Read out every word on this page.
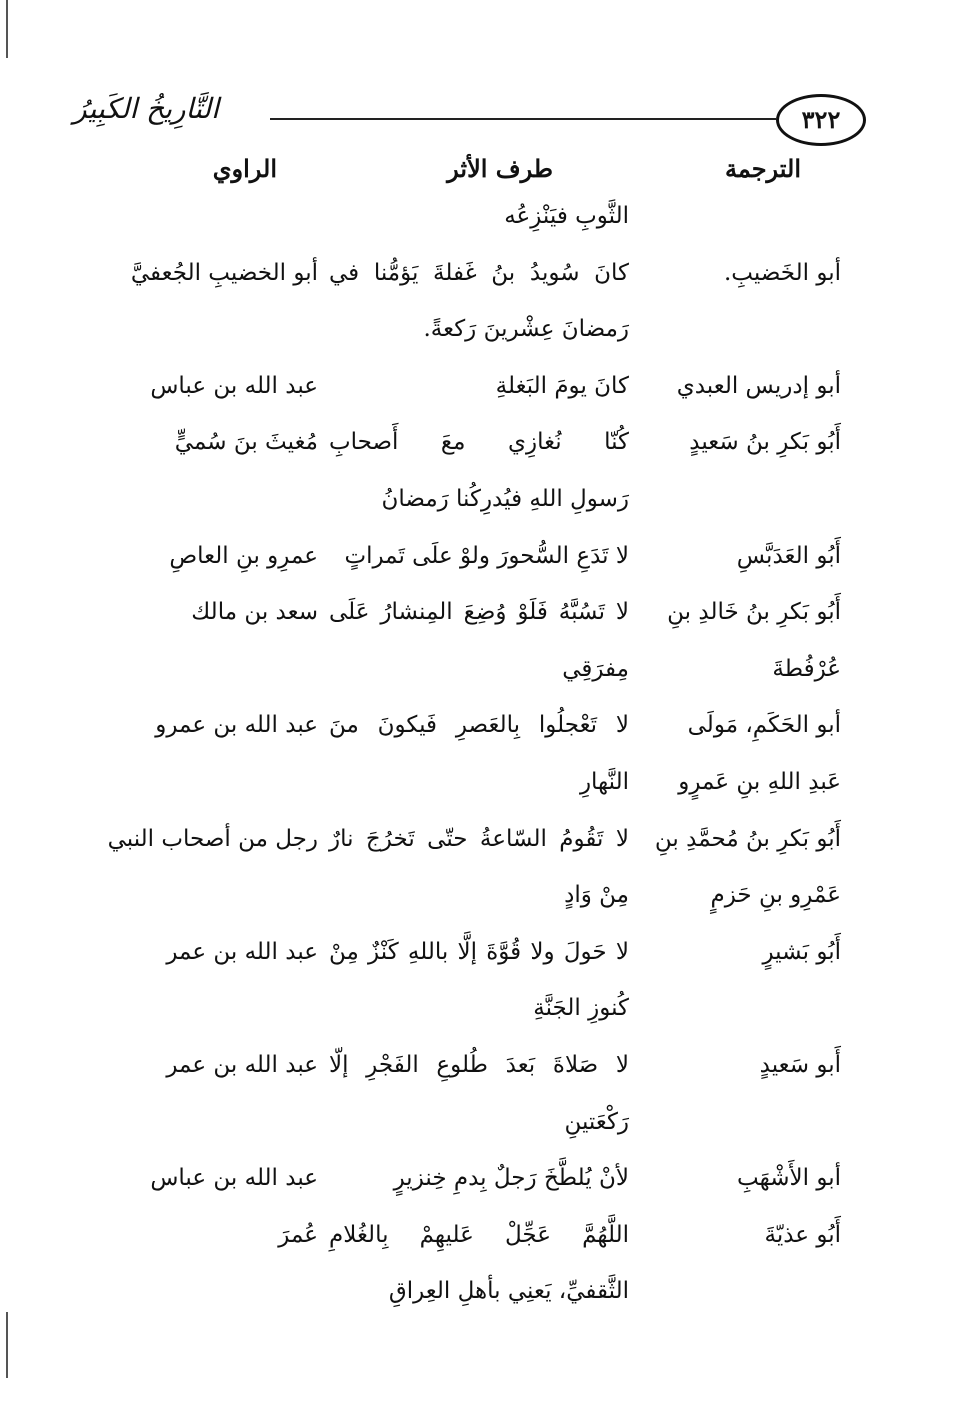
التَّارِيخُ الكَبِيرُ	٣٢٢
الترجمة
طرف الأثر
الراوي
الثَّوبِ فيَنْزِعُه
أبو الخَضيبِ.
كانَ سُويدُ بنُ غَفلةَ يَؤمُّنا في
رَمضانَ عِشْرينَ رَكعةً.
أبو الخضيبِ الجُعفيَّ
أبو إدريس العبدي
كانَ يومَ البَغلةِ
عبد الله بن عباس
أَبُو بَكرِ بنُ سَعيدٍ
كُنّا نُغازِي معَ أَصحابِ
رَسولِ اللهِ فيُدرِكُنا رَمضانُ
مُغيثَ بنَ سُميٍّ
أَبُو العَدَبَّسِ
لا تَدَعِ السُّحورَ ولوْ علَى تَمراتٍ
عمرِو بنِ العاصِ
أَبُو بَكرِ بنُ خَالدِ بنِ
عُرْفُطةَ
لا تَسُبَّهُ فَلَوْ وُضِعَ المِنشارُ عَلَى
مِفرَقِي
سعد بن مالك
أبو الحَكَمِ، مَولَى
عَبدِ اللهِ بنِ عَمرٍو
لا تَعْجلُوا بِالعَصرِ فَيكونَ منَ
النَّهارِ
عبد الله بن عمرو
أَبُو بَكرِ بنُ مُحمَّدِ بنِ
عَمْرِو بنِ حَزمٍ
لا تَقُومُ السّاعةُ حتّى تَخرُجَ نارٌ
مِنْ وَادٍ
رجل من أصحاب النبي
أَبُو بَشيرٍ
لا حَولَ ولا قُوَّةَ إلَّا باللهِ كَنْزٌ مِنْ
كُنوزِ الجَنَّةِ
عبد الله بن عمر
أَبو سَعيدٍ
لا صَلاةَ بَعدَ طُلوعِ الفَجْرِ إلّا
رَكْعَتينِ
عبد الله بن عمر
أبو الأَشْهَبِ
لأنْ يُلطَّخَ رَجلٌ بِدمِ خِنزيرٍ
عبد الله بن عباس
أَبُو عذيّةَ
اللَّهُمَّ عَجِّلْ عَليهِمْ بِالغُلامِ
الثَّقفيِّ، يَعنِي بأهلِ العِراقِ
عُمرَ
